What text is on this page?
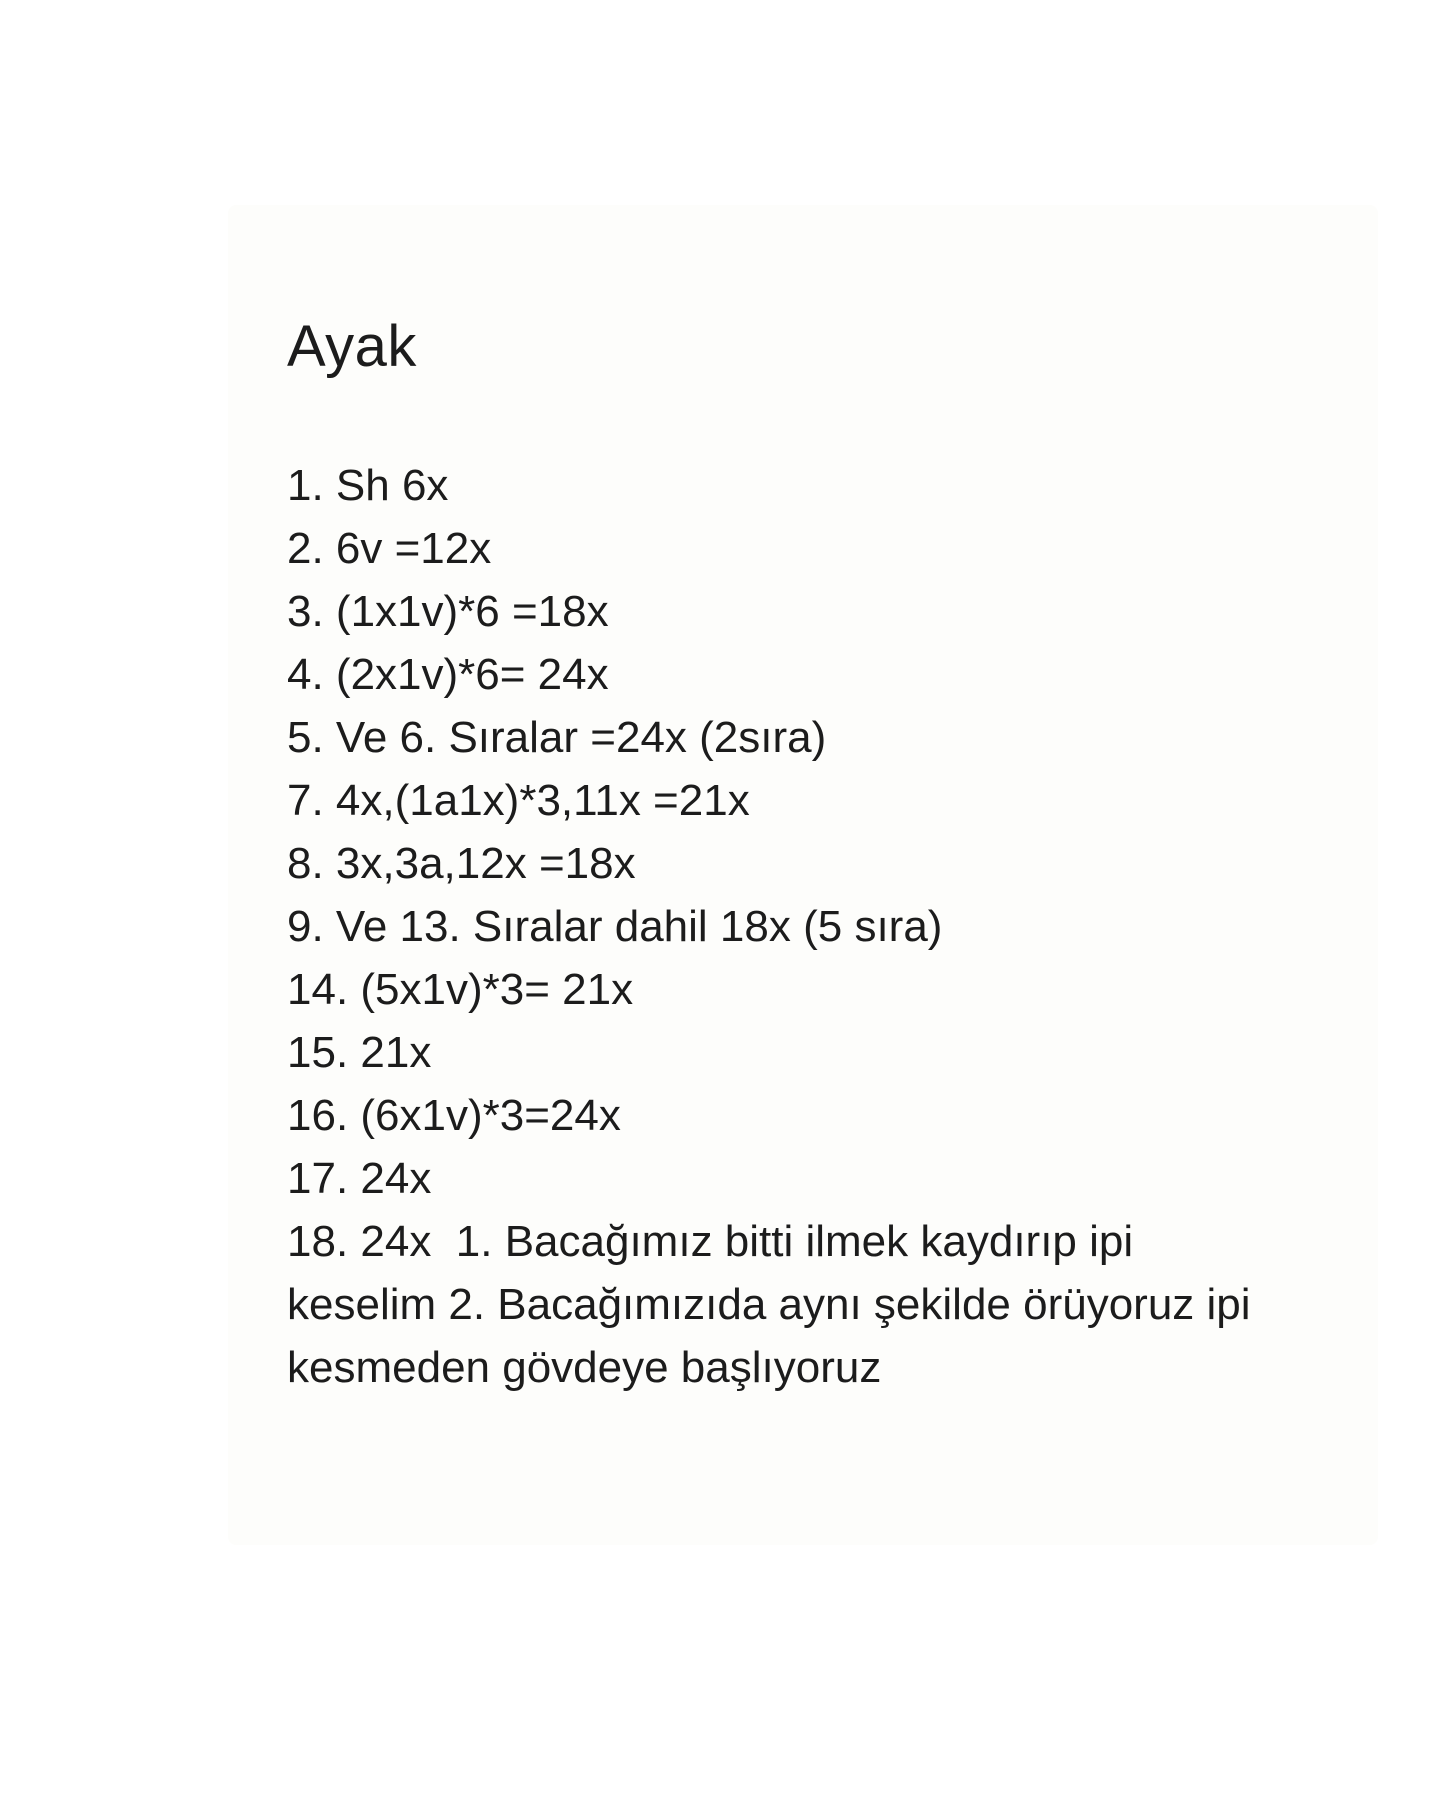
Ayak
1. Sh 6x
2. 6v =12x
3. (1x1v)*6 =18x
4. (2x1v)*6= 24x
5. Ve 6. Sıralar =24x (2sıra)
7. 4x,(1a1x)*3,11x =21x
8. 3x,3a,12x =18x
9. Ve 13. Sıralar dahil 18x (5 sıra)
14. (5x1v)*3= 21x
15. 21x
16. (6x1v)*3=24x
17. 24x
18. 24x  1. Bacağımız bitti ilmek kaydırıp ipi keselim 2. Bacağımızıda aynı şekilde örüyoruz ipi kesmeden gövdeye başlıyoruz
